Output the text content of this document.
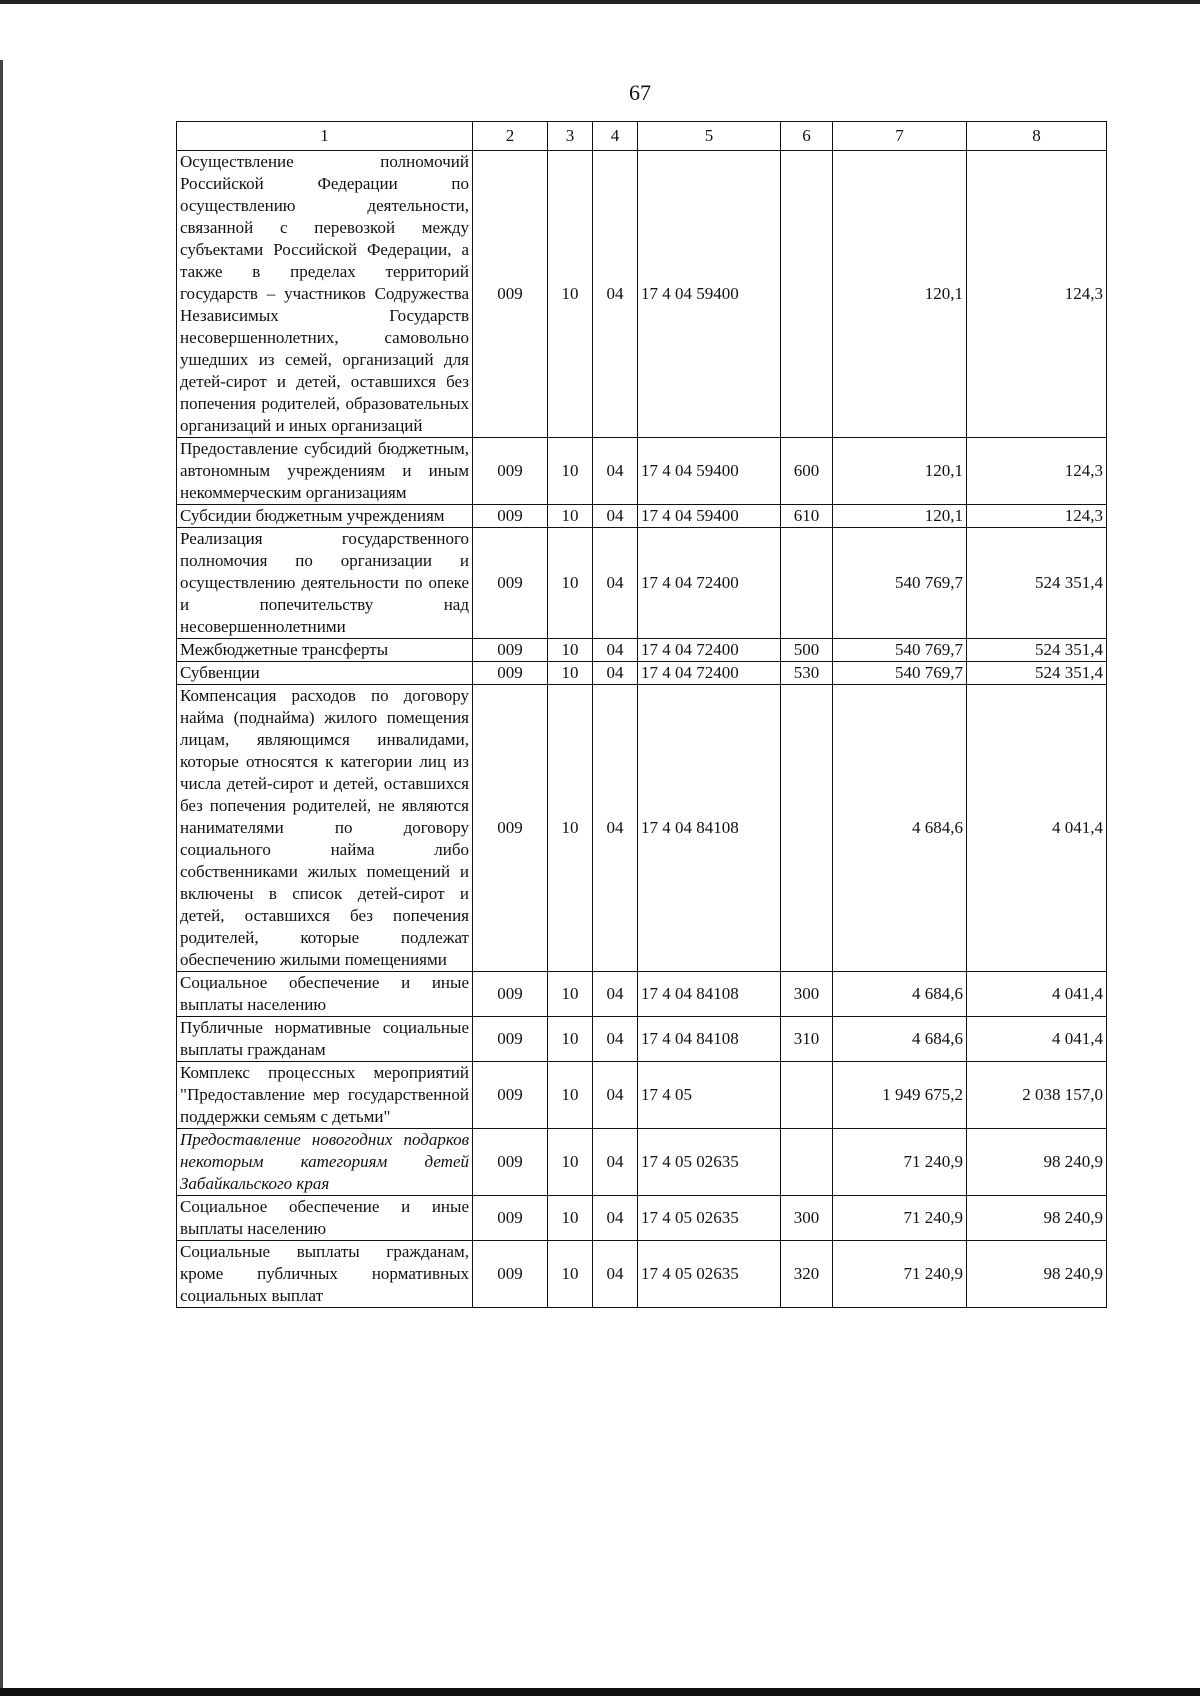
67
1	2	3	4	5	6	7	8
Осуществление полномочий Российской Федерации по осуществлению деятельности, связанной с перевозкой между субъектами Российской Федерации, а также в пределах территорий государств – участников Содружества Независимых Государств несовершеннолетних, самовольно ушедших из семей, организаций для детей-сирот и детей, оставшихся без попечения родителей, образовательных организаций и иных организаций	009	10	04	17 4 04 59400		120,1	124,3
Предоставление субсидий бюджетным, автономным учреждениям и иным некоммерческим организациям	009	10	04	17 4 04 59400	600	120,1	124,3
Субсидии бюджетным учреждениям	009	10	04	17 4 04 59400	610	120,1	124,3
Реализация государственного полномочия по организации и осуществлению деятельности по опеке и попечительству над несовершеннолетними	009	10	04	17 4 04 72400		540 769,7	524 351,4
Межбюджетные трансферты	009	10	04	17 4 04 72400	500	540 769,7	524 351,4
Субвенции	009	10	04	17 4 04 72400	530	540 769,7	524 351,4
Компенсация расходов по договору найма (поднайма) жилого помещения лицам, являющимся инвалидами, которые относятся к категории лиц из числа детей-сирот и детей, оставшихся без попечения родителей, не являются нанимателями по договору социального найма либо собственниками жилых помещений и включены в список детей-сирот и детей, оставшихся без попечения родителей, которые подлежат обеспечению жилыми помещениями	009	10	04	17 4 04 84108		4 684,6	4 041,4
Социальное обеспечение и иные выплаты населению	009	10	04	17 4 04 84108	300	4 684,6	4 041,4
Публичные нормативные социальные выплаты гражданам	009	10	04	17 4 04 84108	310	4 684,6	4 041,4
Комплекс процессных мероприятий "Предоставление мер государственной поддержки семьям с детьми"	009	10	04	17 4 05		1 949 675,2	2 038 157,0
Предоставление новогодних подарков некоторым категориям детей Забайкальского края	009	10	04	17 4 05 02635		71 240,9	98 240,9
Социальное обеспечение и иные выплаты населению	009	10	04	17 4 05 02635	300	71 240,9	98 240,9
Социальные выплаты гражданам, кроме публичных нормативных социальных выплат	009	10	04	17 4 05 02635	320	71 240,9	98 240,9
